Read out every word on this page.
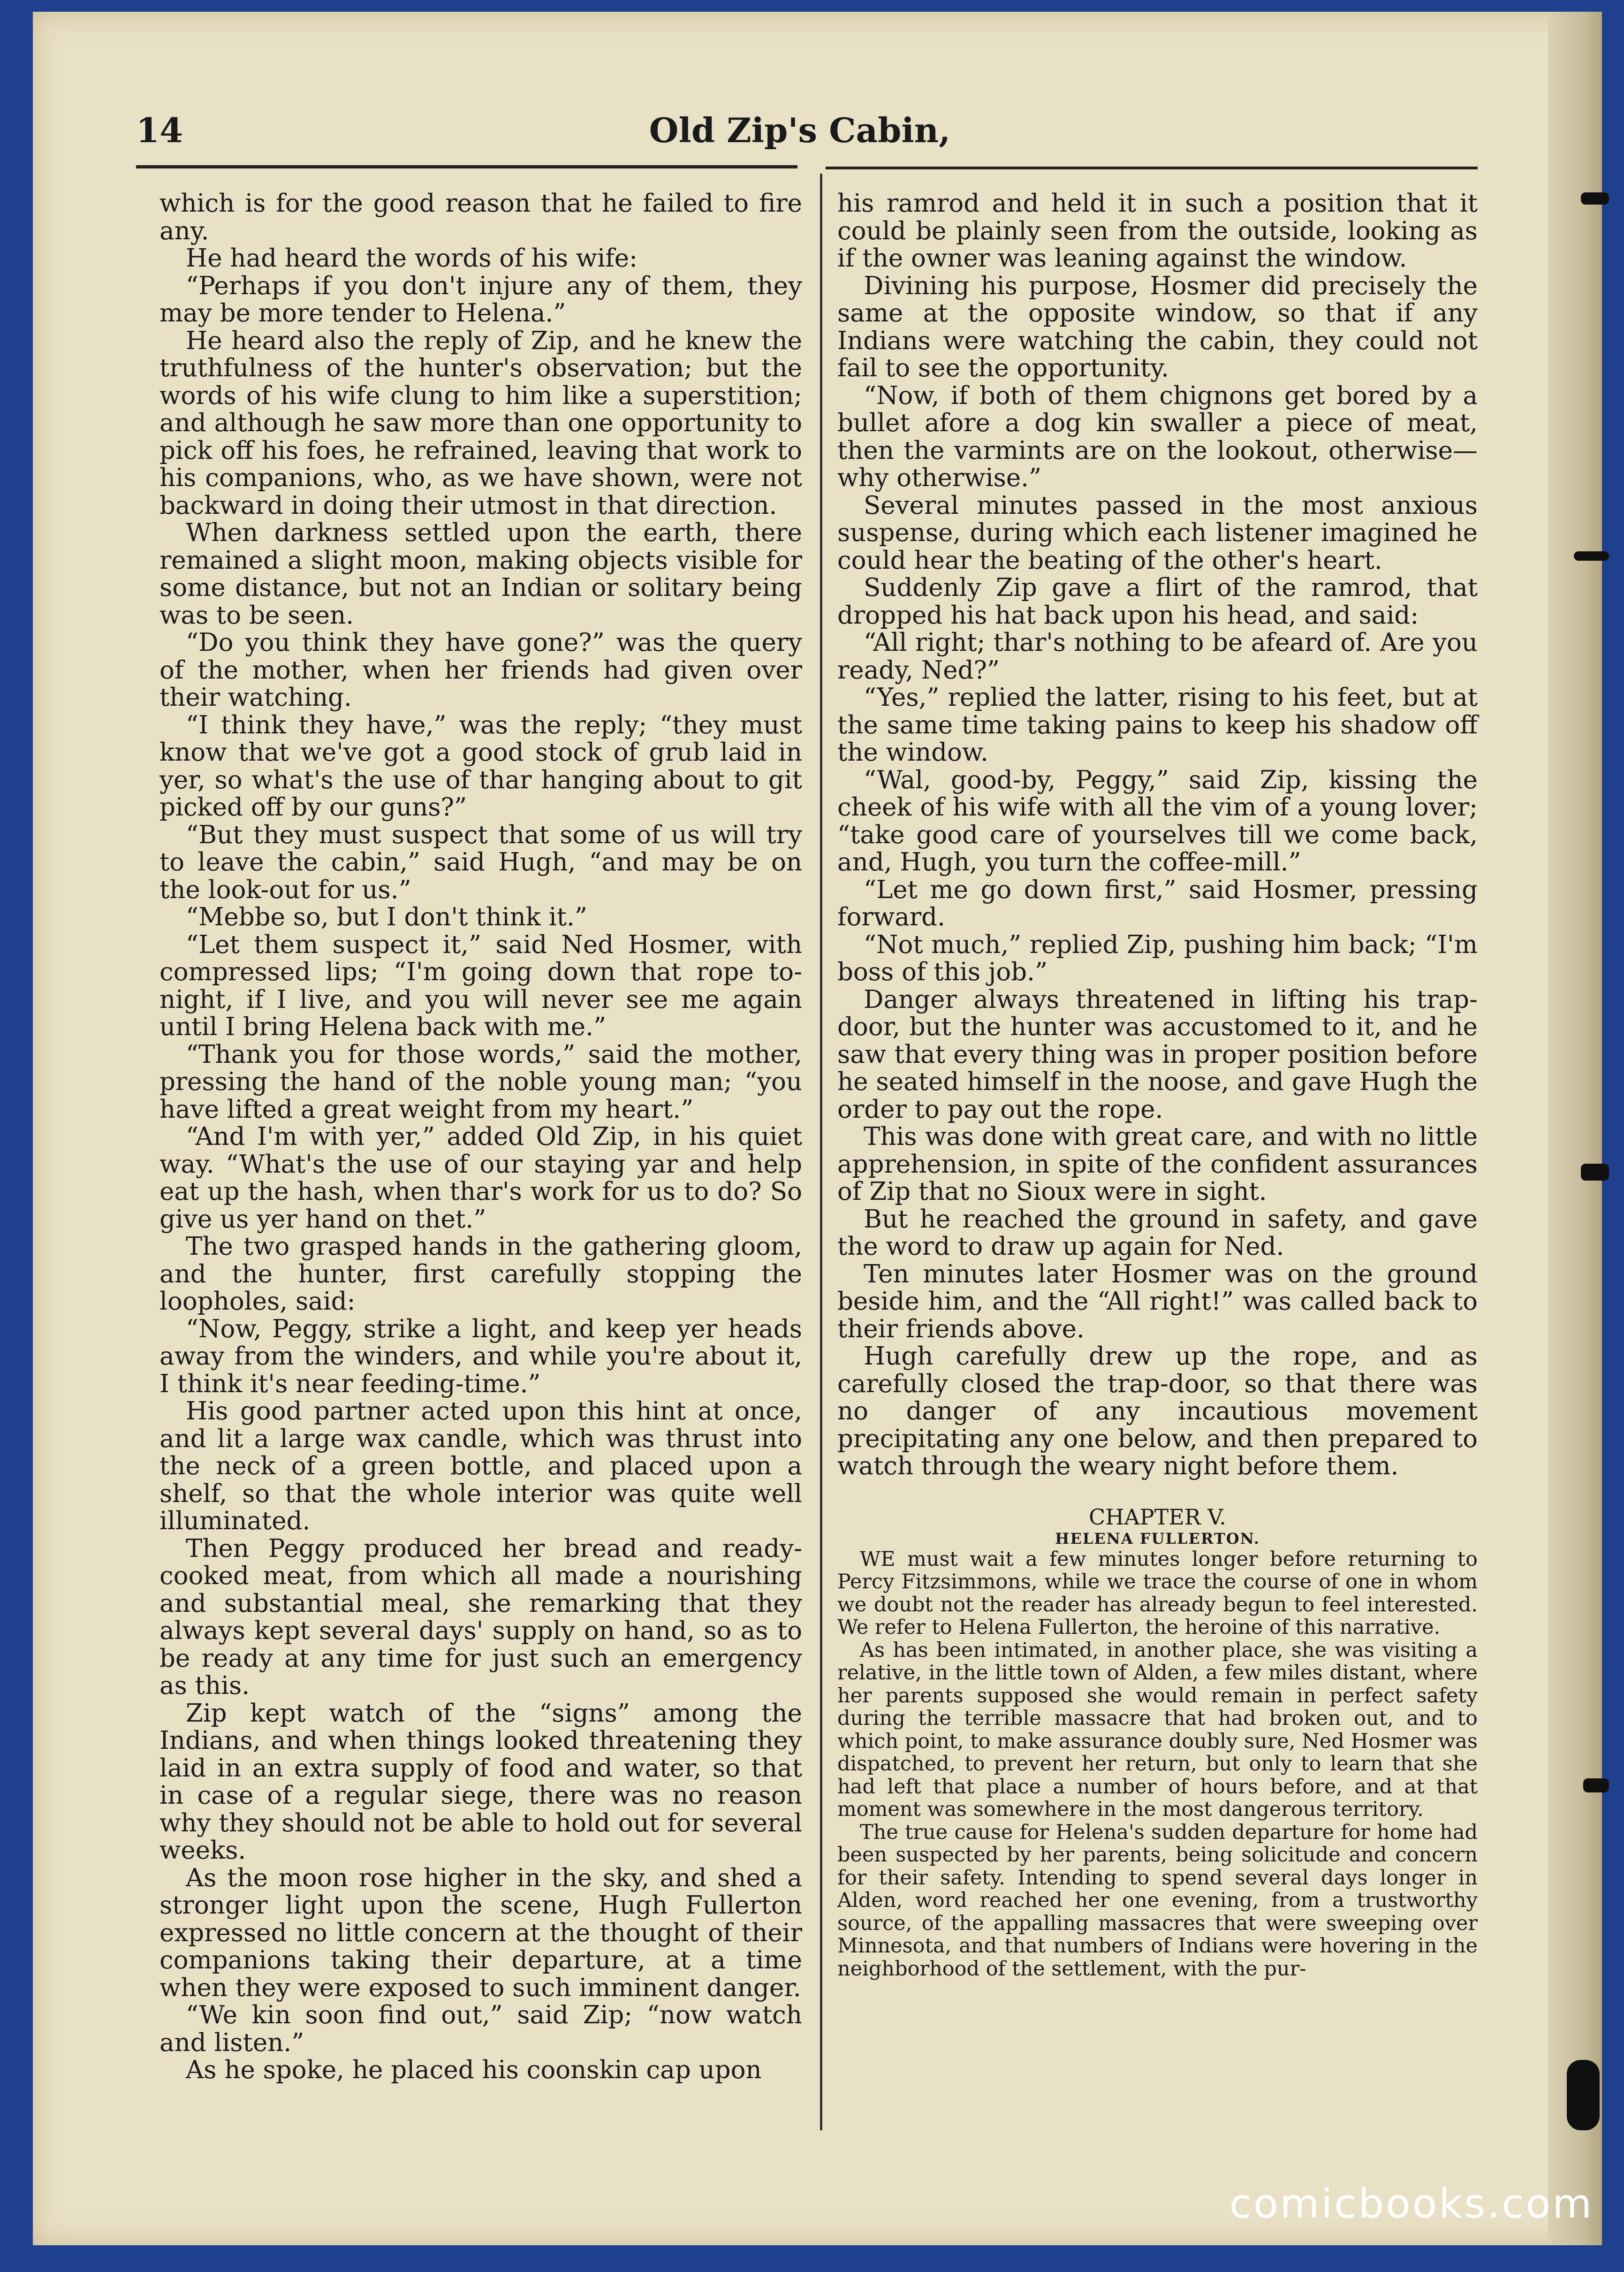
14	Old Zip's Cabin,

which is for the good reason that he failed to fire any.

He had heard the words of his wife:

“Perhaps if you don't injure any of them, they may be more tender to Helena.”

He heard also the reply of Zip, and he knew the truthfulness of the hunter's observation; but the words of his wife clung to him like a superstition; and although he saw more than one opportunity to pick off his foes, he refrained, leaving that work to his companions, who, as we have shown, were not backward in doing their utmost in that direction.

When darkness settled upon the earth, there remained a slight moon, making objects visible for some distance, but not an Indian or solitary being was to be seen.

“Do you think they have gone?” was the query of the mother, when her friends had given over their watching.

“I think they have,” was the reply; “they must know that we've got a good stock of grub laid in yer, so what's the use of thar hanging about to git picked off by our guns?”

“But they must suspect that some of us will try to leave the cabin,” said Hugh, “and may be on the look-out for us.”

“Mebbe so, but I don't think it.”

“Let them suspect it,” said Ned Hosmer, with compressed lips; “I'm going down that rope to-night, if I live, and you will never see me again until I bring Helena back with me.”

“Thank you for those words,” said the mother, pressing the hand of the noble young man; “you have lifted a great weight from my heart.”

“And I'm with yer,” added Old Zip, in his quiet way. “What's the use of our staying yar and help eat up the hash, when thar's work for us to do? So give us yer hand on thet.”

The two grasped hands in the gathering gloom, and the hunter, first carefully stopping the loopholes, said:

“Now, Peggy, strike a light, and keep yer heads away from the winders, and while you're about it, I think it's near feeding-time.”

His good partner acted upon this hint at once, and lit a large wax candle, which was thrust into the neck of a green bottle, and placed upon a shelf, so that the whole interior was quite well illuminated.

Then Peggy produced her bread and ready-cooked meat, from which all made a nourishing and substantial meal, she remarking that they always kept several days' supply on hand, so as to be ready at any time for just such an emergency as this.

Zip kept watch of the “signs” among the Indians, and when things looked threatening they laid in an extra supply of food and water, so that in case of a regular siege, there was no reason why they should not be able to hold out for several weeks.

As the moon rose higher in the sky, and shed a stronger light upon the scene, Hugh Fullerton expressed no little concern at the thought of their companions taking their departure, at a time when they were exposed to such imminent danger.

“We kin soon find out,” said Zip; “now watch and listen.”

As he spoke, he placed his coonskin cap upon

his ramrod and held it in such a position that it could be plainly seen from the outside, looking as if the owner was leaning against the window.

Divining his purpose, Hosmer did precisely the same at the opposite window, so that if any Indians were watching the cabin, they could not fail to see the opportunity.

“Now, if both of them chignons get bored by a bullet afore a dog kin swaller a piece of meat, then the varmints are on the lookout, otherwise—why otherwise.”

Several minutes passed in the most anxious suspense, during which each listener imagined he could hear the beating of the other's heart.

Suddenly Zip gave a flirt of the ramrod, that dropped his hat back upon his head, and said:

“All right; thar's nothing to be afeard of. Are you ready, Ned?”

“Yes,” replied the latter, rising to his feet, but at the same time taking pains to keep his shadow off the window.

“Wal, good-by, Peggy,” said Zip, kissing the cheek of his wife with all the vim of a young lover; “take good care of yourselves till we come back, and, Hugh, you turn the coffee-mill.”

“Let me go down first,” said Hosmer, pressing forward.

“Not much,” replied Zip, pushing him back; “I'm boss of this job.”

Danger always threatened in lifting his trap-door, but the hunter was accustomed to it, and he saw that every thing was in proper position before he seated himself in the noose, and gave Hugh the order to pay out the rope.

This was done with great care, and with no little apprehension, in spite of the confident assurances of Zip that no Sioux were in sight.

But he reached the ground in safety, and gave the word to draw up again for Ned.

Ten minutes later Hosmer was on the ground beside him, and the “All right!” was called back to their friends above.

Hugh carefully drew up the rope, and as carefully closed the trap-door, so that there was no danger of any incautious movement precipitating any one below, and then prepared to watch through the weary night before them.

CHAPTER V.

HELENA FULLERTON.

WE must wait a few minutes longer before returning to Percy Fitzsimmons, while we trace the course of one in whom we doubt not the reader has already begun to feel interested. We refer to Helena Fullerton, the heroine of this narrative.

As has been intimated, in another place, she was visiting a relative, in the little town of Alden, a few miles distant, where her parents supposed she would remain in perfect safety during the terrible massacre that had broken out, and to which point, to make assurance doubly sure, Ned Hosmer was dispatched, to prevent her return, but only to learn that she had left that place a number of hours before, and at that moment was somewhere in the most dangerous territory.

The true cause for Helena's sudden departure for home had been suspected by her parents, being solicitude and concern for their safety. Intending to spend several days longer in Alden, word reached her one evening, from a trustworthy source, of the appalling massacres that were sweeping over Minnesota, and that numbers of Indians were hovering in the neighborhood of the settlement, with the pur-

comicbooks.com
